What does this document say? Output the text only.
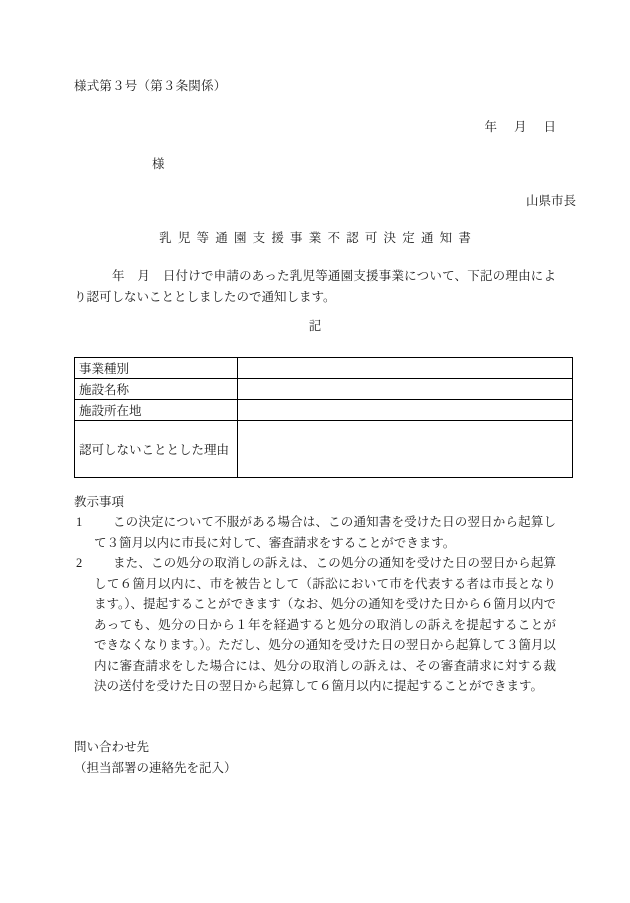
様式第３号（第３条関係）
年 月 日
様
山県市長
乳児等通園支援事業不認可決定通知書
年　月　日付けで申請のあった乳児等通園支援事業について、下記の理由により認可しないこととしましたので通知します。
記
事業種別	
施設名称	
施設所在地	
認可しないこととした理由	
教示事項
1	この決定について不服がある場合は、この通知書を受けた日の翌日から起算して３箇月以内に市長に対して、審査請求をすることができます。
2	また、この処分の取消しの訴えは、この処分の通知を受けた日の翌日から起算して６箇月以内に、市を被告として（訴訟において市を代表する者は市長となります。）、提起することができます（なお、処分の通知を受けた日から６箇月以内であっても、処分の日から１年を経過すると処分の取消しの訴えを提起することができなくなります。）。ただし、処分の通知を受けた日の翌日から起算して３箇月以内に審査請求をした場合には、処分の取消しの訴えは、その審査請求に対する裁決の送付を受けた日の翌日から起算して６箇月以内に提起することができます。
問い合わせ先
（担当部署の連絡先を記入）
